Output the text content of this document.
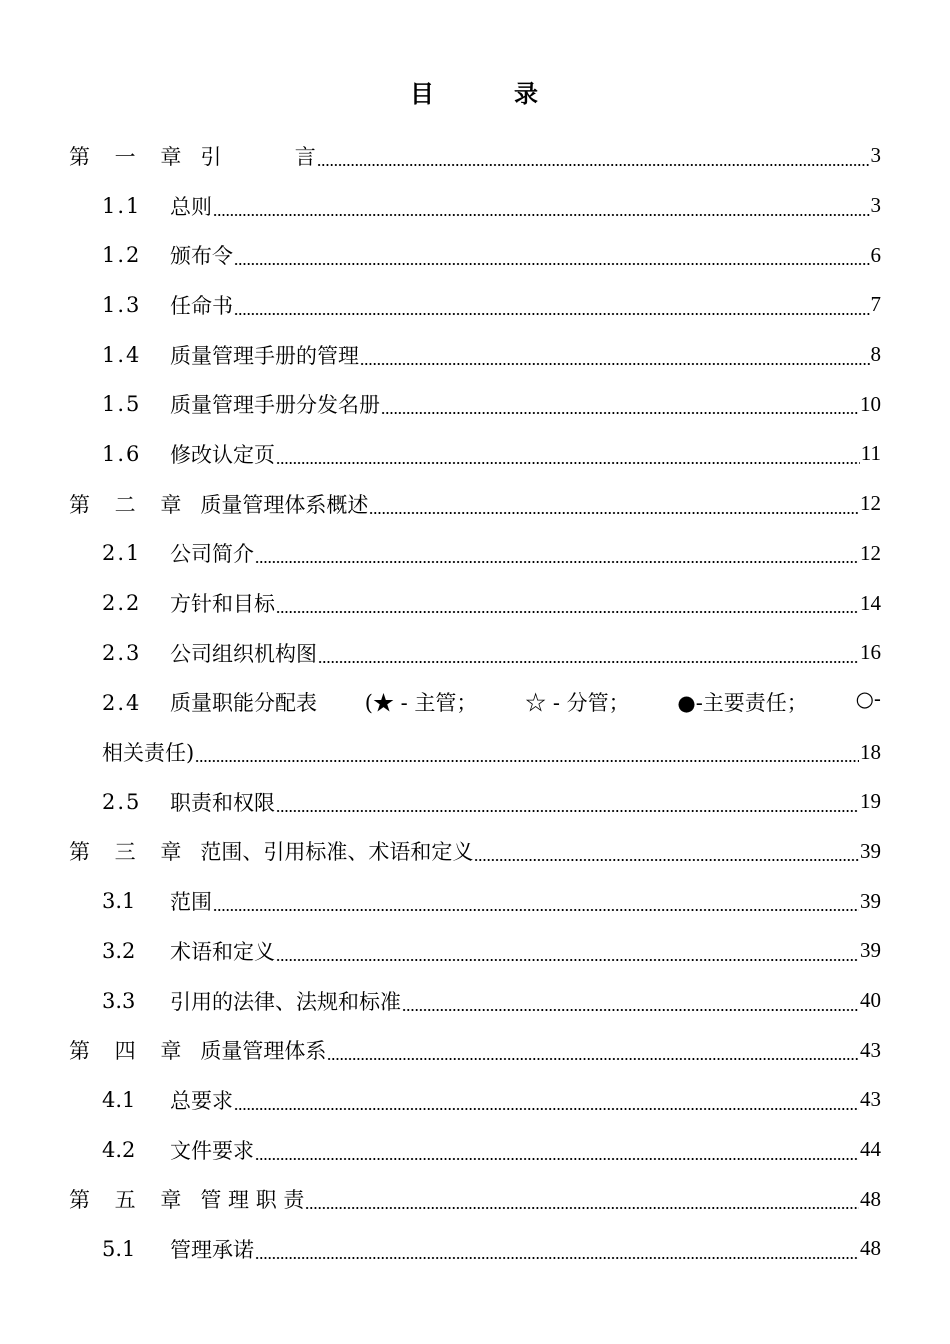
目	录
第 一 章 引           言	3
1.1	总则	3
1.2	颁布令	6
1.3	任命书	7
1.4	质量管理手册的管理	8
1.5	质量管理手册分发名册	10
1.6	修改认定页	11
第 二 章 质量管理体系概述	12
2.1	公司简介	12
2.2	方针和目标	14
2.3	公司组织机构图	16
2.4 质量职能分配表 (★ - 主管； ☆ - 分管； ●-主要责任； ○-
相关责任)	18
2.5	职责和权限	19
第 三 章 范围、引用标准、术语和定义	39
3.1	范围	39
3.2	术语和定义	39
3.3	引用的法律、法规和标准	40
第 四 章 质量管理体系	43
4.1	总要求	43
4.2	文件要求	44
第 五 章 管 理 职 责	48
5.1	管理承诺	48
